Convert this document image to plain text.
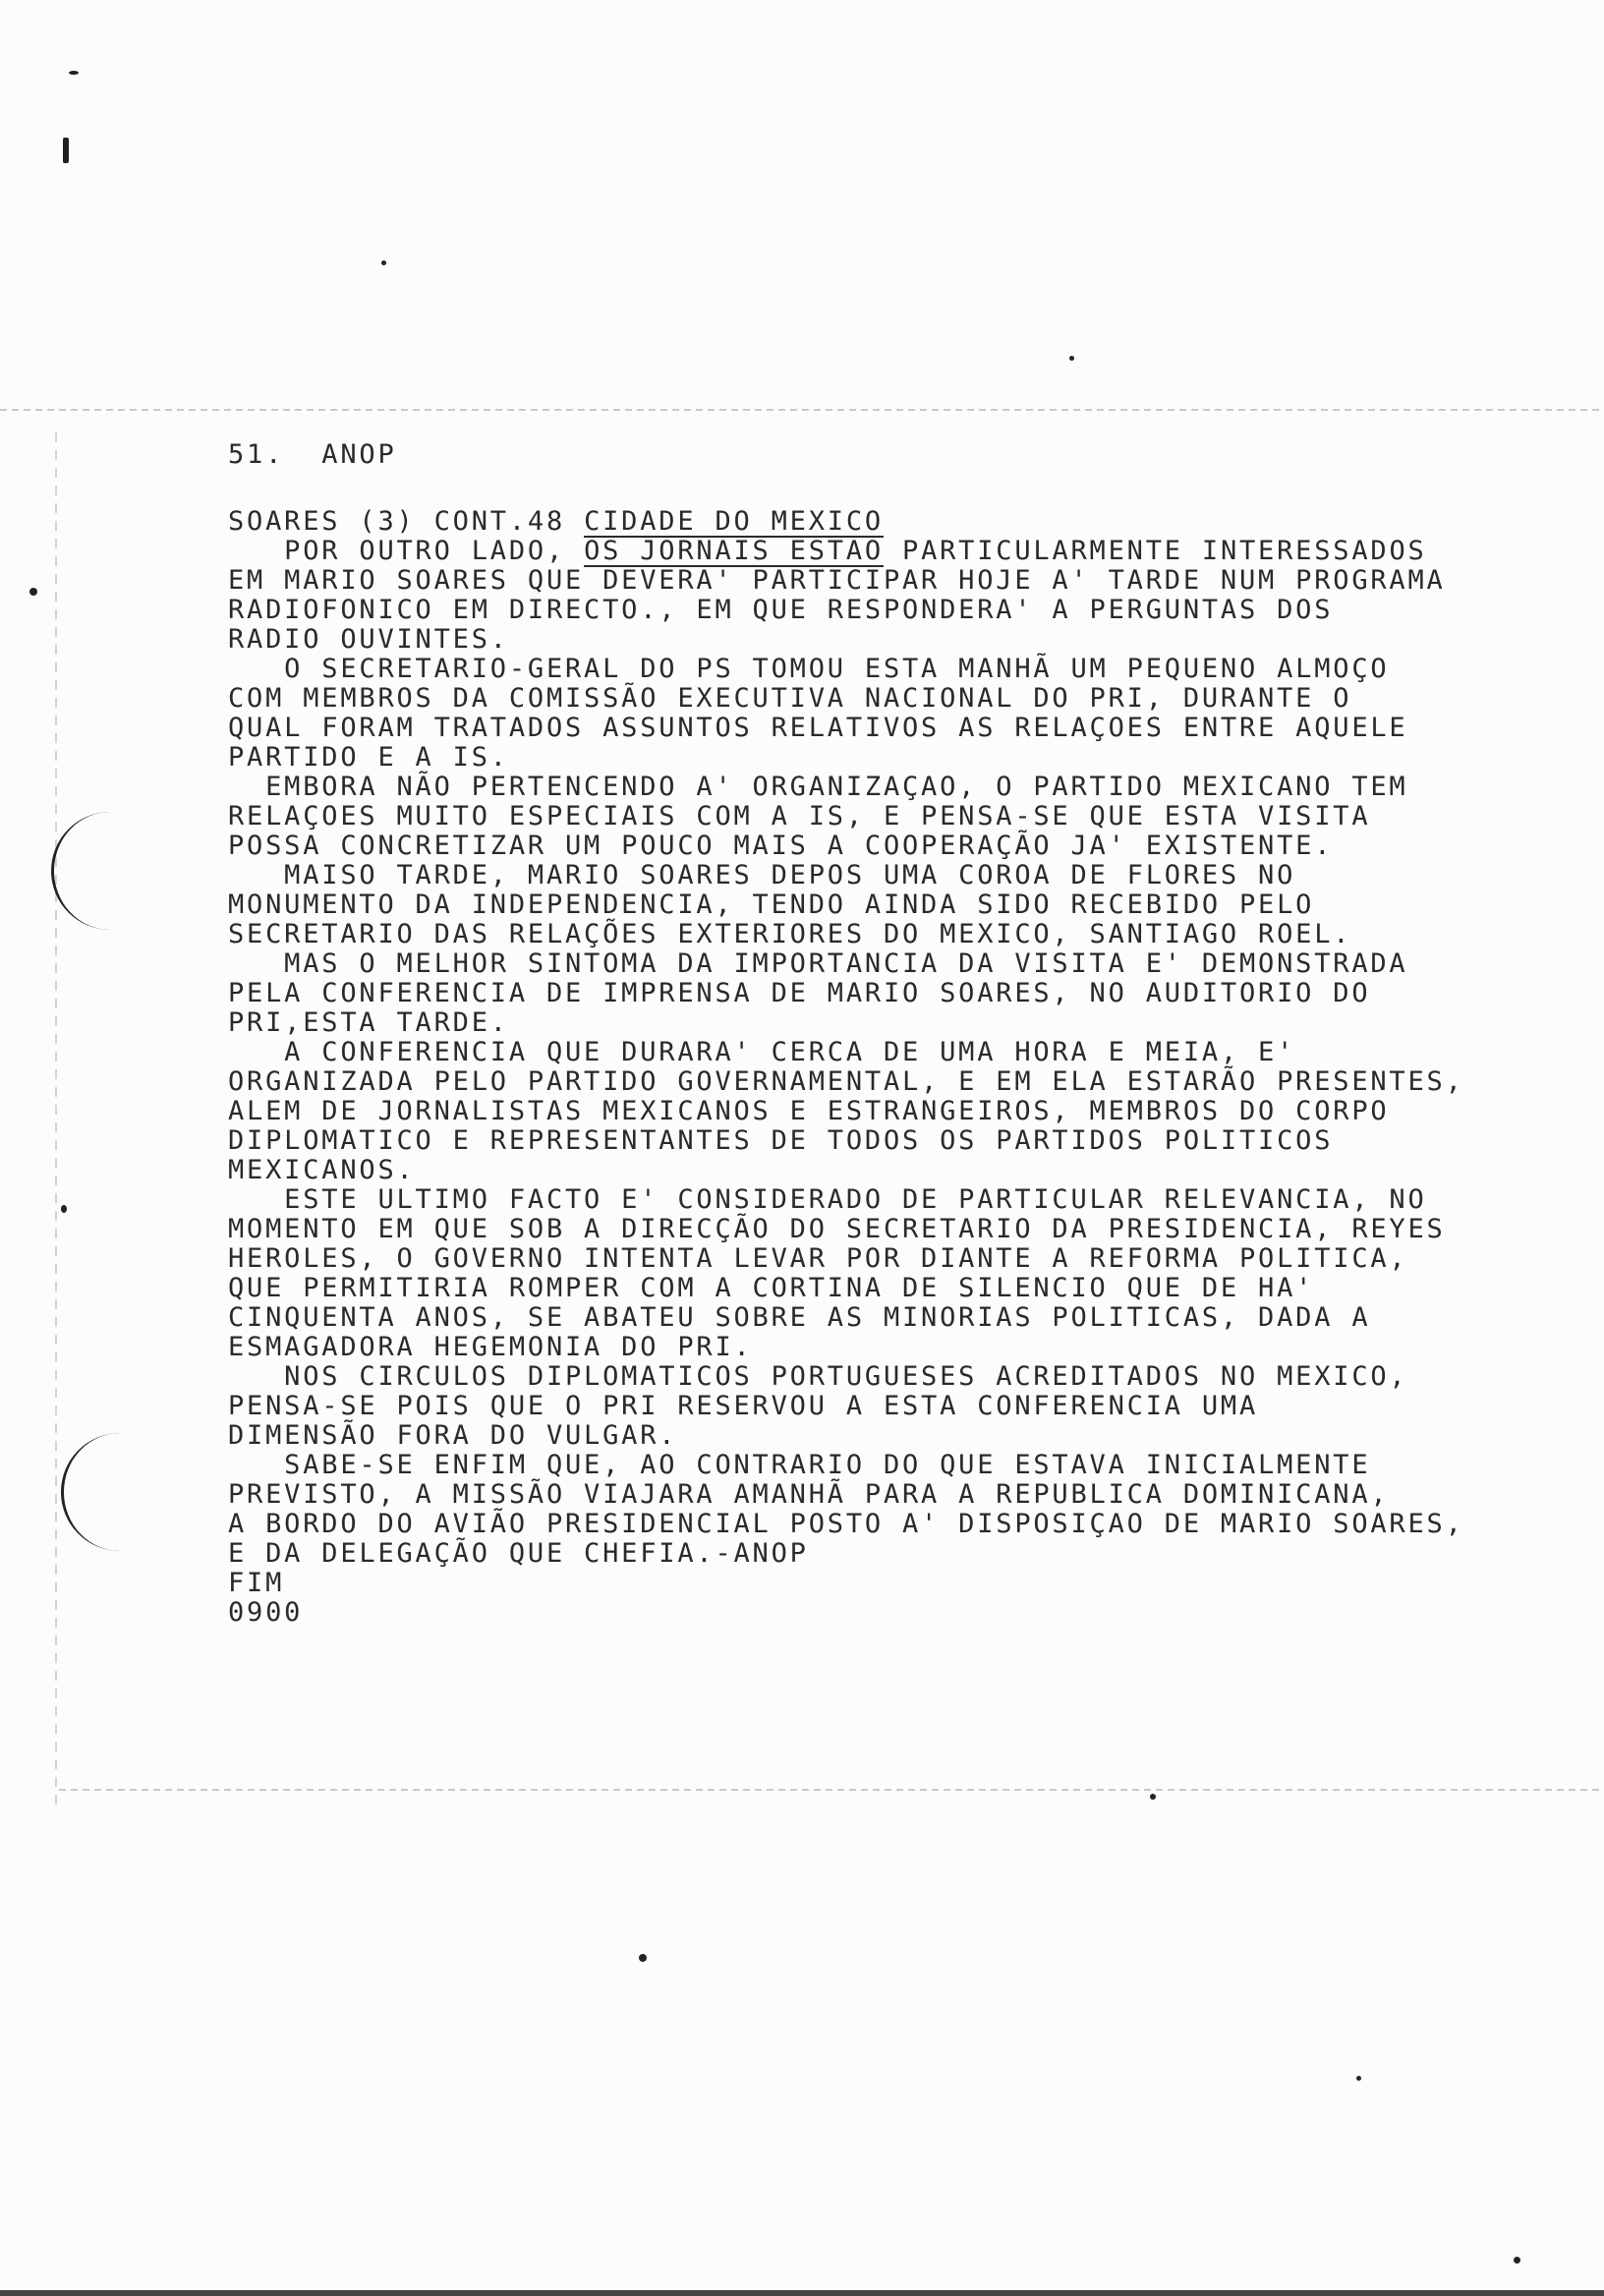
51. ANOP
SOARES (3) CONT.48 CIDADE DO MEXICO
POR OUTRO LADO, OS JORNAIS ESTAO PARTICULARMENTE INTERESSADOS
EM MARIO SOARES QUE DEVERA' PARTICIPAR HOJE A' TARDE NUM PROGRAMA
RADIOFONICO EM DIRECTO., EM QUE RESPONDERA' A PERGUNTAS DOS
RADIO OUVINTES.
O SECRETARIO-GERAL DO PS TOMOU ESTA MANHÃ UM PEQUENO ALMOÇO
COM MEMBROS DA COMISSÃO EXECUTIVA NACIONAL DO PRI, DURANTE O
QUAL FORAM TRATADOS ASSUNTOS RELATIVOS AS RELAÇOES ENTRE AQUELE
PARTIDO E A IS.
EMBORA NÃO PERTENCENDO A' ORGANIZAÇAO, O PARTIDO MEXICANO TEM
RELAÇOES MUITO ESPECIAIS COM A IS, E PENSA-SE QUE ESTA VISITA
POSSA CONCRETIZAR UM POUCO MAIS A COOPERAÇÃO JA' EXISTENTE.
MAISO TARDE, MARIO SOARES DEPOS UMA COROA DE FLORES NO
MONUMENTO DA INDEPENDENCIA, TENDO AINDA SIDO RECEBIDO PELO
SECRETARIO DAS RELAÇÕES EXTERIORES DO MEXICO, SANTIAGO ROEL.
MAS O MELHOR SINTOMA DA IMPORTANCIA DA VISITA E' DEMONSTRADA
PELA CONFERENCIA DE IMPRENSA DE MARIO SOARES, NO AUDITORIO DO
PRI,ESTA TARDE.
A CONFERENCIA QUE DURARA' CERCA DE UMA HORA E MEIA, E'
ORGANIZADA PELO PARTIDO GOVERNAMENTAL, E EM ELA ESTARÃO PRESENTES,
ALEM DE JORNALISTAS MEXICANOS E ESTRANGEIROS, MEMBROS DO CORPO
DIPLOMATICO E REPRESENTANTES DE TODOS OS PARTIDOS POLITICOS
MEXICANOS.
ESTE ULTIMO FACTO E' CONSIDERADO DE PARTICULAR RELEVANCIA, NO
MOMENTO EM QUE SOB A DIRECÇÃO DO SECRETARIO DA PRESIDENCIA, REYES
HEROLES, O GOVERNO INTENTA LEVAR POR DIANTE A REFORMA POLITICA,
QUE PERMITIRIA ROMPER COM A CORTINA DE SILENCIO QUE DE HA'
CINQUENTA ANOS, SE ABATEU SOBRE AS MINORIAS POLITICAS, DADA A
ESMAGADORA HEGEMONIA DO PRI.
NOS CIRCULOS DIPLOMATICOS PORTUGUESES ACREDITADOS NO MEXICO,
PENSA-SE POIS QUE O PRI RESERVOU A ESTA CONFERENCIA UMA
DIMENSÃO FORA DO VULGAR.
SABE-SE ENFIM QUE, AO CONTRARIO DO QUE ESTAVA INICIALMENTE
PREVISTO, A MISSÃO VIAJARA AMANHÃ PARA A REPUBLICA DOMINICANA,
A BORDO DO AVIÃO PRESIDENCIAL POSTO A' DISPOSIÇAO DE MARIO SOARES,
E DA DELEGAÇÃO QUE CHEFIA.-ANOP
FIM
0900
